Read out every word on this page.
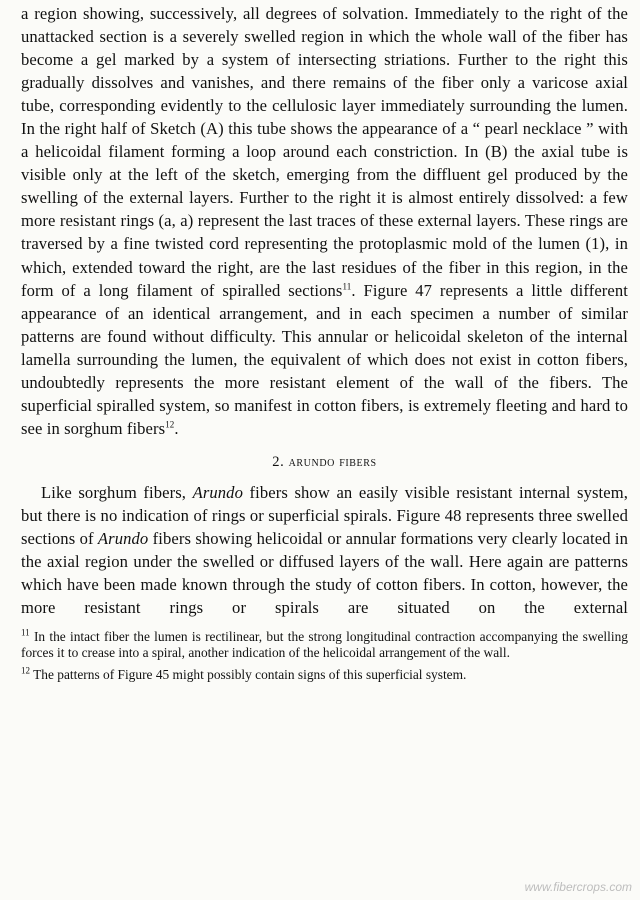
a region showing, successively, all degrees of solvation. Immediately to the right of the unattacked section is a severely swelled region in which the whole wall of the fiber has become a gel marked by a system of intersecting striations. Further to the right this gradually dissolves and vanishes, and there remains of the fiber only a varicose axial tube, corresponding evidently to the cellulosic layer immediately surrounding the lumen. In the right half of Sketch (A) this tube shows the appearance of a “ pearl necklace ” with a helicoidal filament forming a loop around each constriction. In (B) the axial tube is visible only at the left of the sketch, emerging from the diffluent gel produced by the swelling of the external layers. Further to the right it is almost entirely dissolved: a few more resistant rings (a, a) represent the last traces of these external layers. These rings are traversed by a fine twisted cord representing the protoplasmic mold of the lumen (1), in which, extended toward the right, are the last residues of the fiber in this region, in the form of a long filament of spiralled sections$^{11}$. Figure 47 represents a little different appearance of an identical arrangement, and in each specimen a number of similar patterns are found without difficulty. This annular or helicoidal skeleton of the internal lamella surrounding the lumen, the equivalent of which does not exist in cotton fibers, undoubtedly represents the more resistant element of the wall of the fibers. The superficial spiralled system, so manifest in cotton fibers, is extremely fleeting and hard to see in sorghum fibers$^{12}$.

2. arundo fibers

Like sorghum fibers, Arundo fibers show an easily visible resistant internal system, but there is no indication of rings or superficial spirals. Figure 48 represents three swelled sections of Arundo fibers showing helicoidal or annular formations very clearly located in the axial region under the swelled or diffused layers of the wall. Here again are patterns which have been made known through the study of cotton fibers. In cotton, however, the more resistant rings or spirals are situated on the external

$^{11}$ In the intact fiber the lumen is rectilinear, but the strong longitudinal contraction accompanying the swelling forces it to crease into a spiral, another indication of the helicoidal arrangement of the wall.

$^{12}$ The patterns of Figure 45 might possibly contain signs of this superficial system.

www.fibercrops.com
